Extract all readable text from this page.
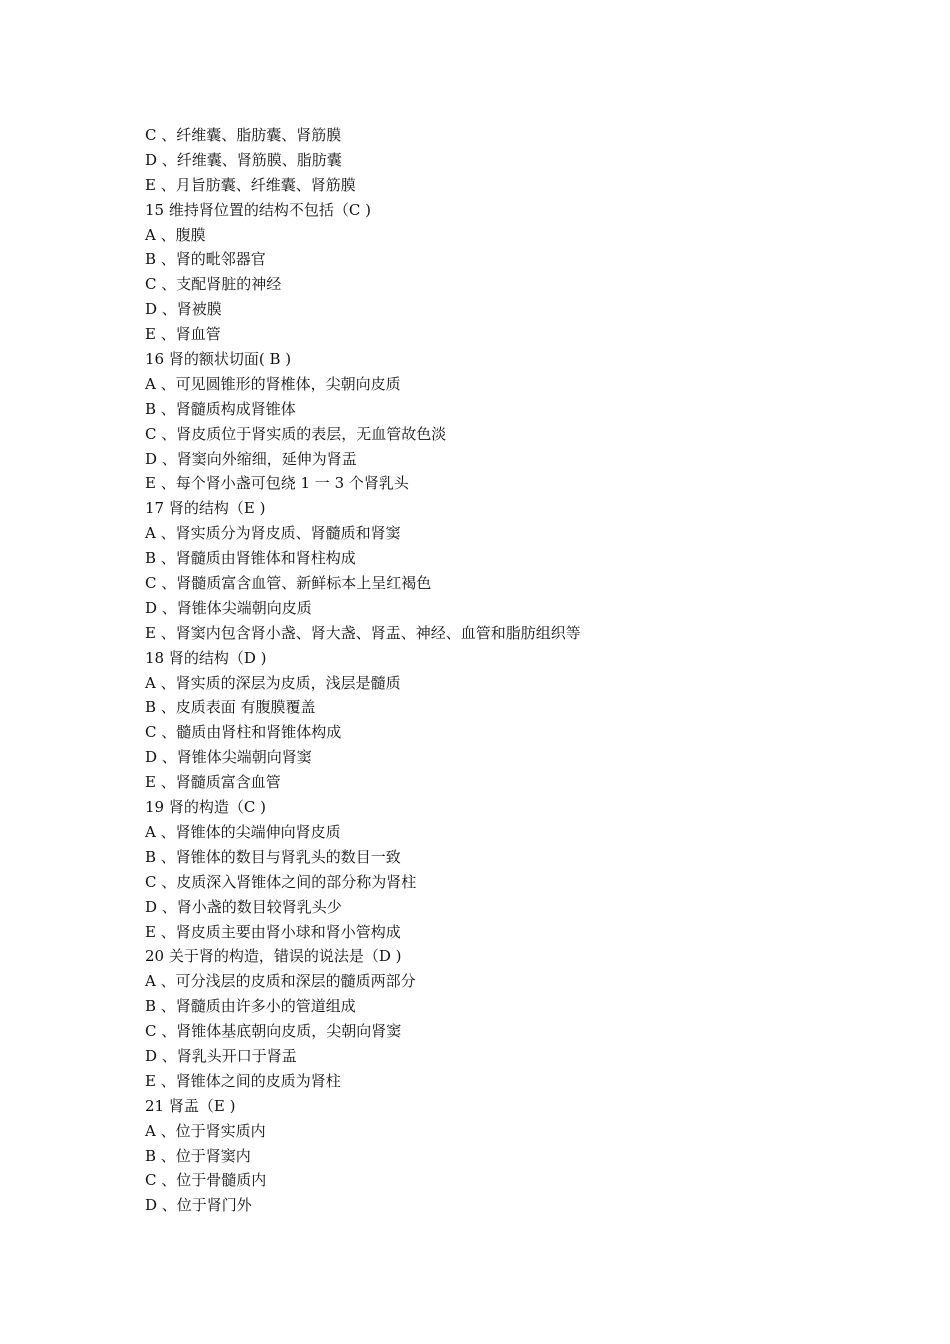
C 、纤维囊、脂肪囊、肾筋膜
D 、纤维囊、肾筋膜、脂肪囊
E 、月旨肪囊、纤维囊、肾筋膜
15 维持肾位置的结构不包括（C )
A 、腹膜
B 、肾的毗邻器官
C 、支配肾脏的神经
D 、肾被膜
E 、肾血管
16 肾的额状切面( B )
A 、可见圆锥形的肾椎体，尖朝向皮质
B 、肾髓质构成肾锥体
C 、肾皮质位于肾实质的表层，无血管故色淡
D 、肾窦向外缩细，延伸为肾盂
E 、每个肾小盏可包绕 1 一 3 个肾乳头
17 肾的结构（E )
A 、肾实质分为肾皮质、肾髓质和肾窦
B 、肾髓质由肾锥体和肾柱构成
C 、肾髓质富含血管、新鲜标本上呈红褐色
D 、肾锥体尖端朝向皮质
E 、肾窦内包含肾小盏、肾大盏、肾盂、神经、血管和脂肪组织等
18 肾的结构（D )
A 、肾实质的深层为皮质，浅层是髓质
B 、皮质表面 有腹膜覆盖
C 、髓质由肾柱和肾锥体构成
D 、肾锥体尖端朝向肾窦
E 、肾髓质富含血管
19 肾的构造（C )
A 、肾锥体的尖端伸向肾皮质
B 、肾锥体的数目与肾乳头的数目一致
C 、皮质深入肾锥体之间的部分称为肾柱
D 、肾小盏的数目较肾乳头少
E 、肾皮质主要由肾小球和肾小管构成
20 关于肾的构造，错误的说法是（D )
A 、可分浅层的皮质和深层的髓质两部分
B 、肾髓质由许多小的管道组成
C 、肾锥体基底朝向皮质，尖朝向肾窦
D 、肾乳头开口于肾盂
E 、肾锥体之间的皮质为肾柱
21 肾盂（E )
A 、位于肾实质内
B 、位于肾窦内
C 、位于骨髓质内
D 、位于肾门外
